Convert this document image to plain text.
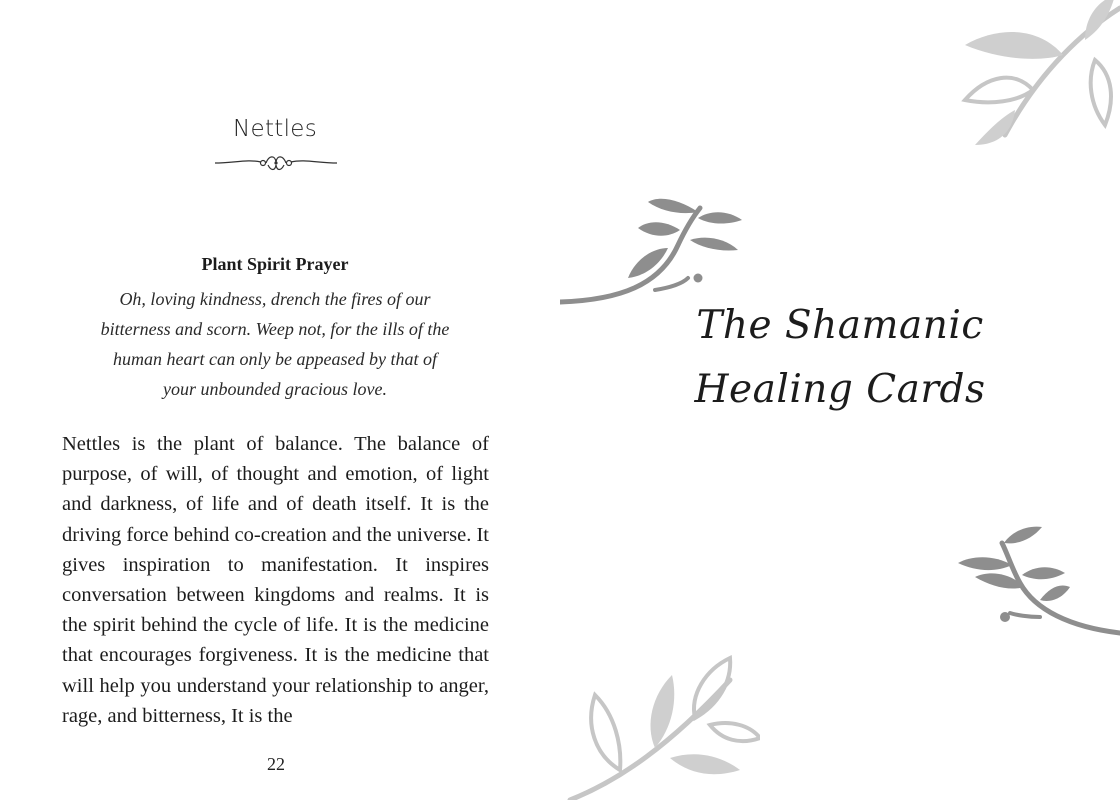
Nettles
Plant Spirit Prayer
Oh, loving kindness, drench the fires of our
bitterness and scorn. Weep not, for the ills of the
human heart can only be appeased by that of
your unbounded gracious love.

Nettles is the plant of balance. The balance of purpose, of will, of thought and emotion, of light and darkness, of life and of death itself. It is the driving force behind co-creation and the universe. It gives inspiration to manifestation. It inspires conversation between kingdoms and realms. It is the spirit behind the cycle of life. It is the medicine that encourages forgiveness. It is the medicine that will help you understand your relationship to anger, rage, and bitterness, It is the

22
The Shamanic
Healing Cards
